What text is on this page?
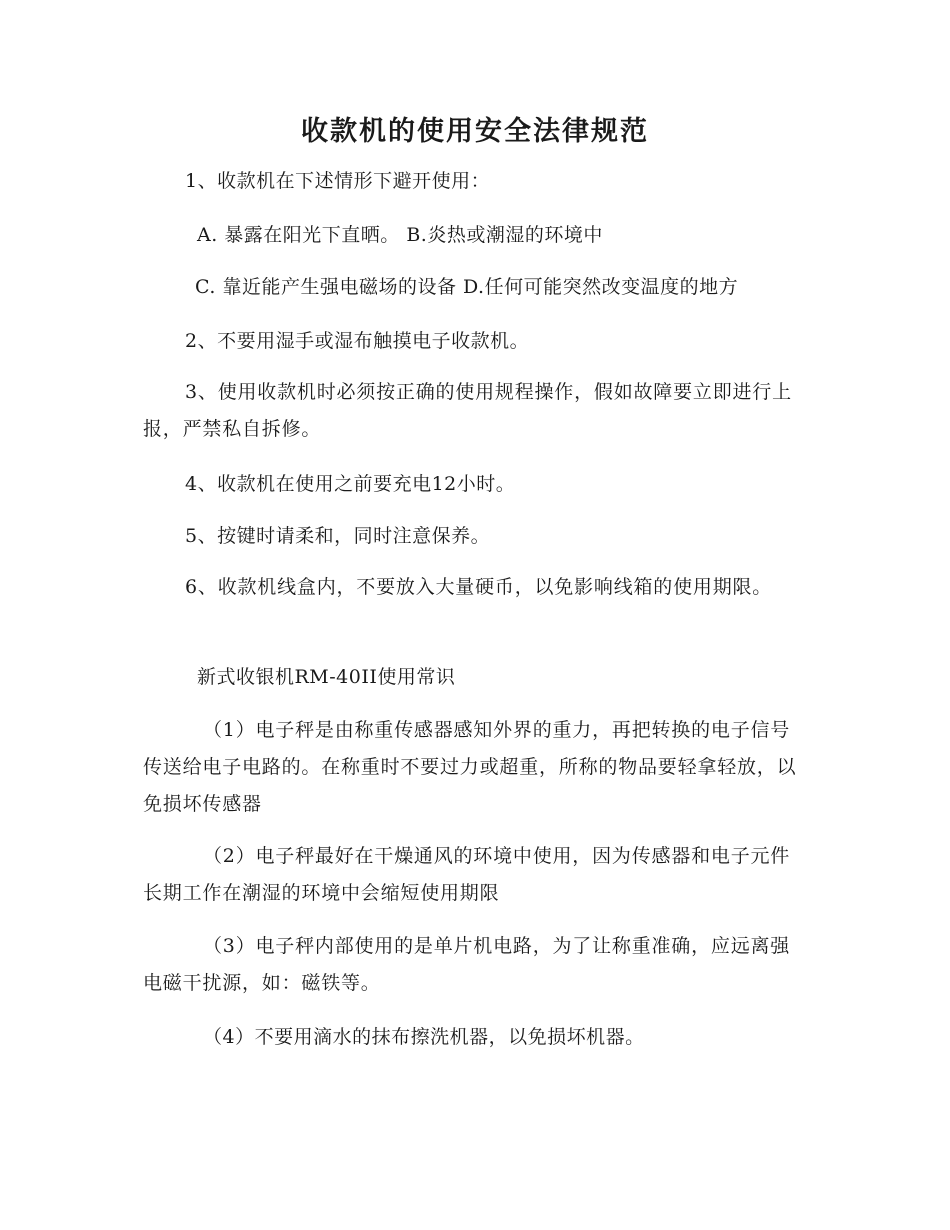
收款机的使用安全法律规范
1、收款机在下述情形下避开使用：
A. 暴露在阳光下直晒。 B.炎热或潮湿的环境中
C. 靠近能产生强电磁场的设备 D.任何可能突然改变温度的地方
2、不要用湿手或湿布触摸电子收款机。
3、使用收款机时必须按正确的使用规程操作，假如故障要立即进行上报，严禁私自拆修。
4、收款机在使用之前要充电12小时。
5、按键时请柔和，同时注意保养。
6、收款机线盒内，不要放入大量硬币，以免影响线箱的使用期限。
新式收银机RM-40II使用常识
（1）电子秤是由称重传感器感知外界的重力，再把转换的电子信号传送给电子电路的。在称重时不要过力或超重，所称的物品要轻拿轻放，以免损坏传感器
（2）电子秤最好在干燥通风的环境中使用，因为传感器和电子元件长期工作在潮湿的环境中会缩短使用期限
（3）电子秤内部使用的是单片机电路，为了让称重准确，应远离强电磁干扰源，如：磁铁等。
（4）不要用滴水的抹布擦洗机器，以免损坏机器。
